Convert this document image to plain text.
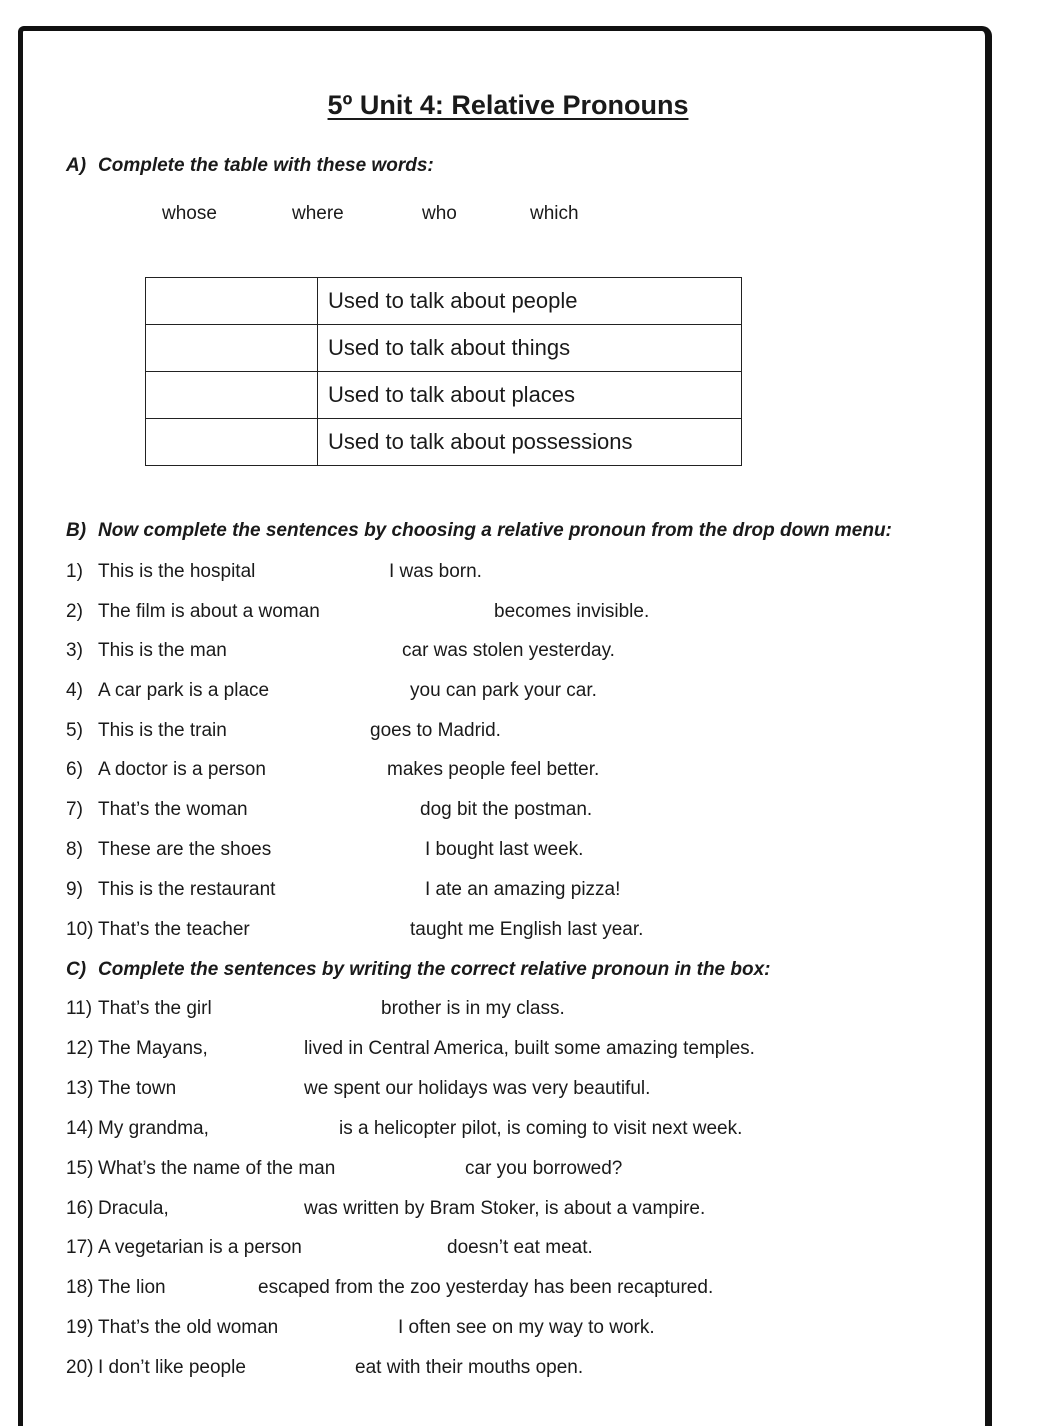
5º Unit 4: Relative Pronouns
A) Complete the table with these words:
whose	where	who	which
	Used to talk about people
	Used to talk about things
	Used to talk about places
	Used to talk about possessions
B) Now complete the sentences by choosing a relative pronoun from the drop down menu:
1) This is the hospital	I was born.
2) The film is about a woman	becomes invisible.
3) This is the man	car was stolen yesterday.
4) A car park is a place	you can park your car.
5) This is the train	goes to Madrid.
6) A doctor is a person	makes people feel better.
7) That’s the woman	dog bit the postman.
8) These are the shoes	I bought last week.
9) This is the restaurant	I ate an amazing pizza!
10) That’s the teacher	taught me English last year.
C) Complete the sentences by writing the correct relative pronoun in the box:
11) That’s the girl	brother is in my class.
12) The Mayans,	lived in Central America, built some amazing temples.
13) The town	we spent our holidays was very beautiful.
14) My grandma,	is a helicopter pilot, is coming to visit next week.
15) What’s the name of the man	car you borrowed?
16) Dracula,	was written by Bram Stoker, is about a vampire.
17) A vegetarian is a person	doesn’t eat meat.
18) The lion	escaped from the zoo yesterday has been recaptured.
19) That’s the old woman	I often see on my way to work.
20) I don’t like people	eat with their mouths open.
